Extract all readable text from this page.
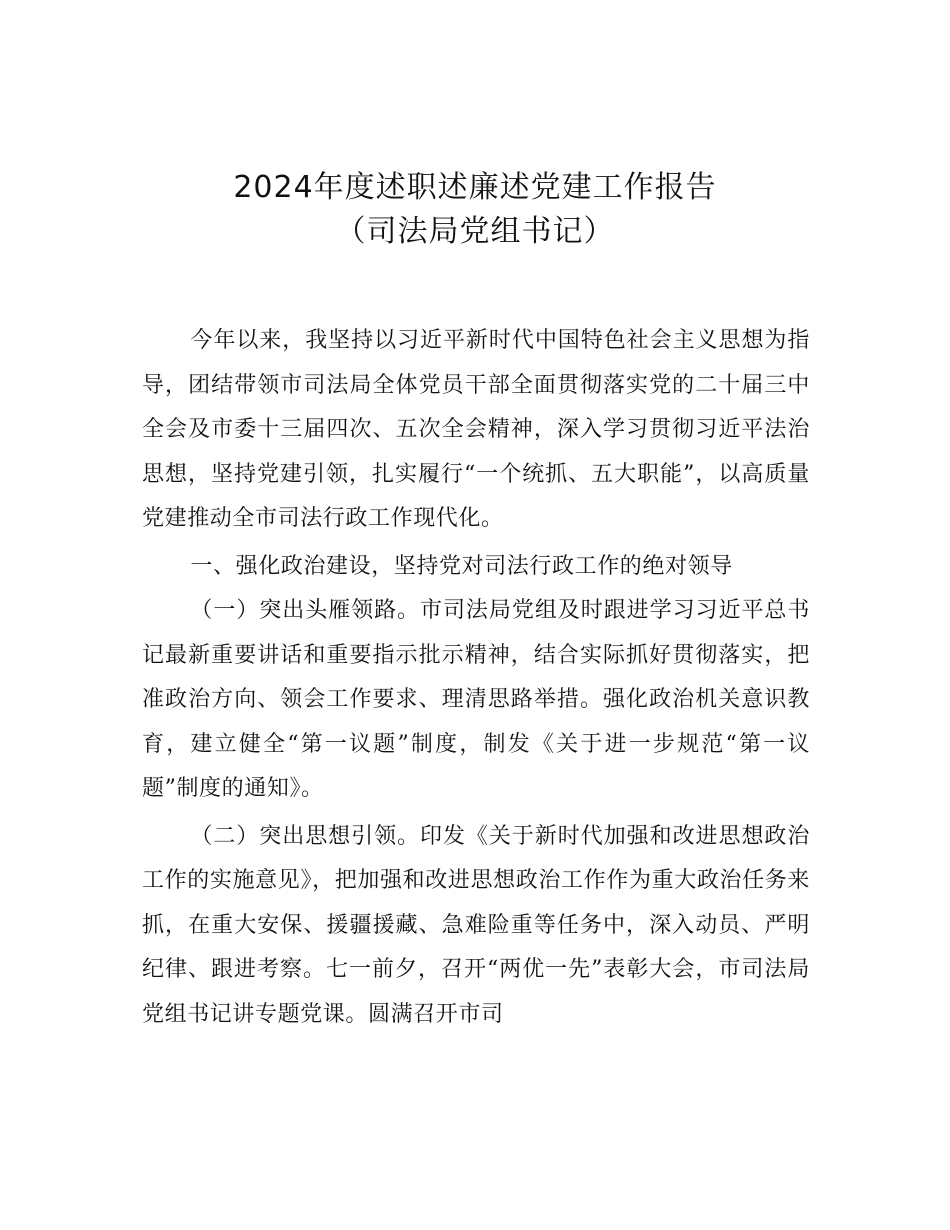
2024年度述职述廉述党建工作报告
（司法局党组书记）

今年以来，我坚持以习近平新时代中国特色社会主义思想为指导，团结带领市司法局全体党员干部全面贯彻落实党的二十届三中全会及市委十三届四次、五次全会精神，深入学习贯彻习近平法治思想，坚持党建引领，扎实履行“一个统抓、五大职能”，以高质量党建推动全市司法行政工作现代化。

一、强化政治建设，坚持党对司法行政工作的绝对领导

（一）突出头雁领路。市司法局党组及时跟进学习习近平总书记最新重要讲话和重要指示批示精神，结合实际抓好贯彻落实，把准政治方向、领会工作要求、理清思路举措。强化政治机关意识教育，建立健全“第一议题”制度，制发《关于进一步规范“第一议题”制度的通知》。

（二）突出思想引领。印发《关于新时代加强和改进思想政治工作的实施意见》，把加强和改进思想政治工作作为重大政治任务来抓，在重大安保、援疆援藏、急难险重等任务中，深入动员、严明纪律、跟进考察。七一前夕，召开“两优一先”表彰大会，市司法局党组书记讲专题党课。圆满召开市司
